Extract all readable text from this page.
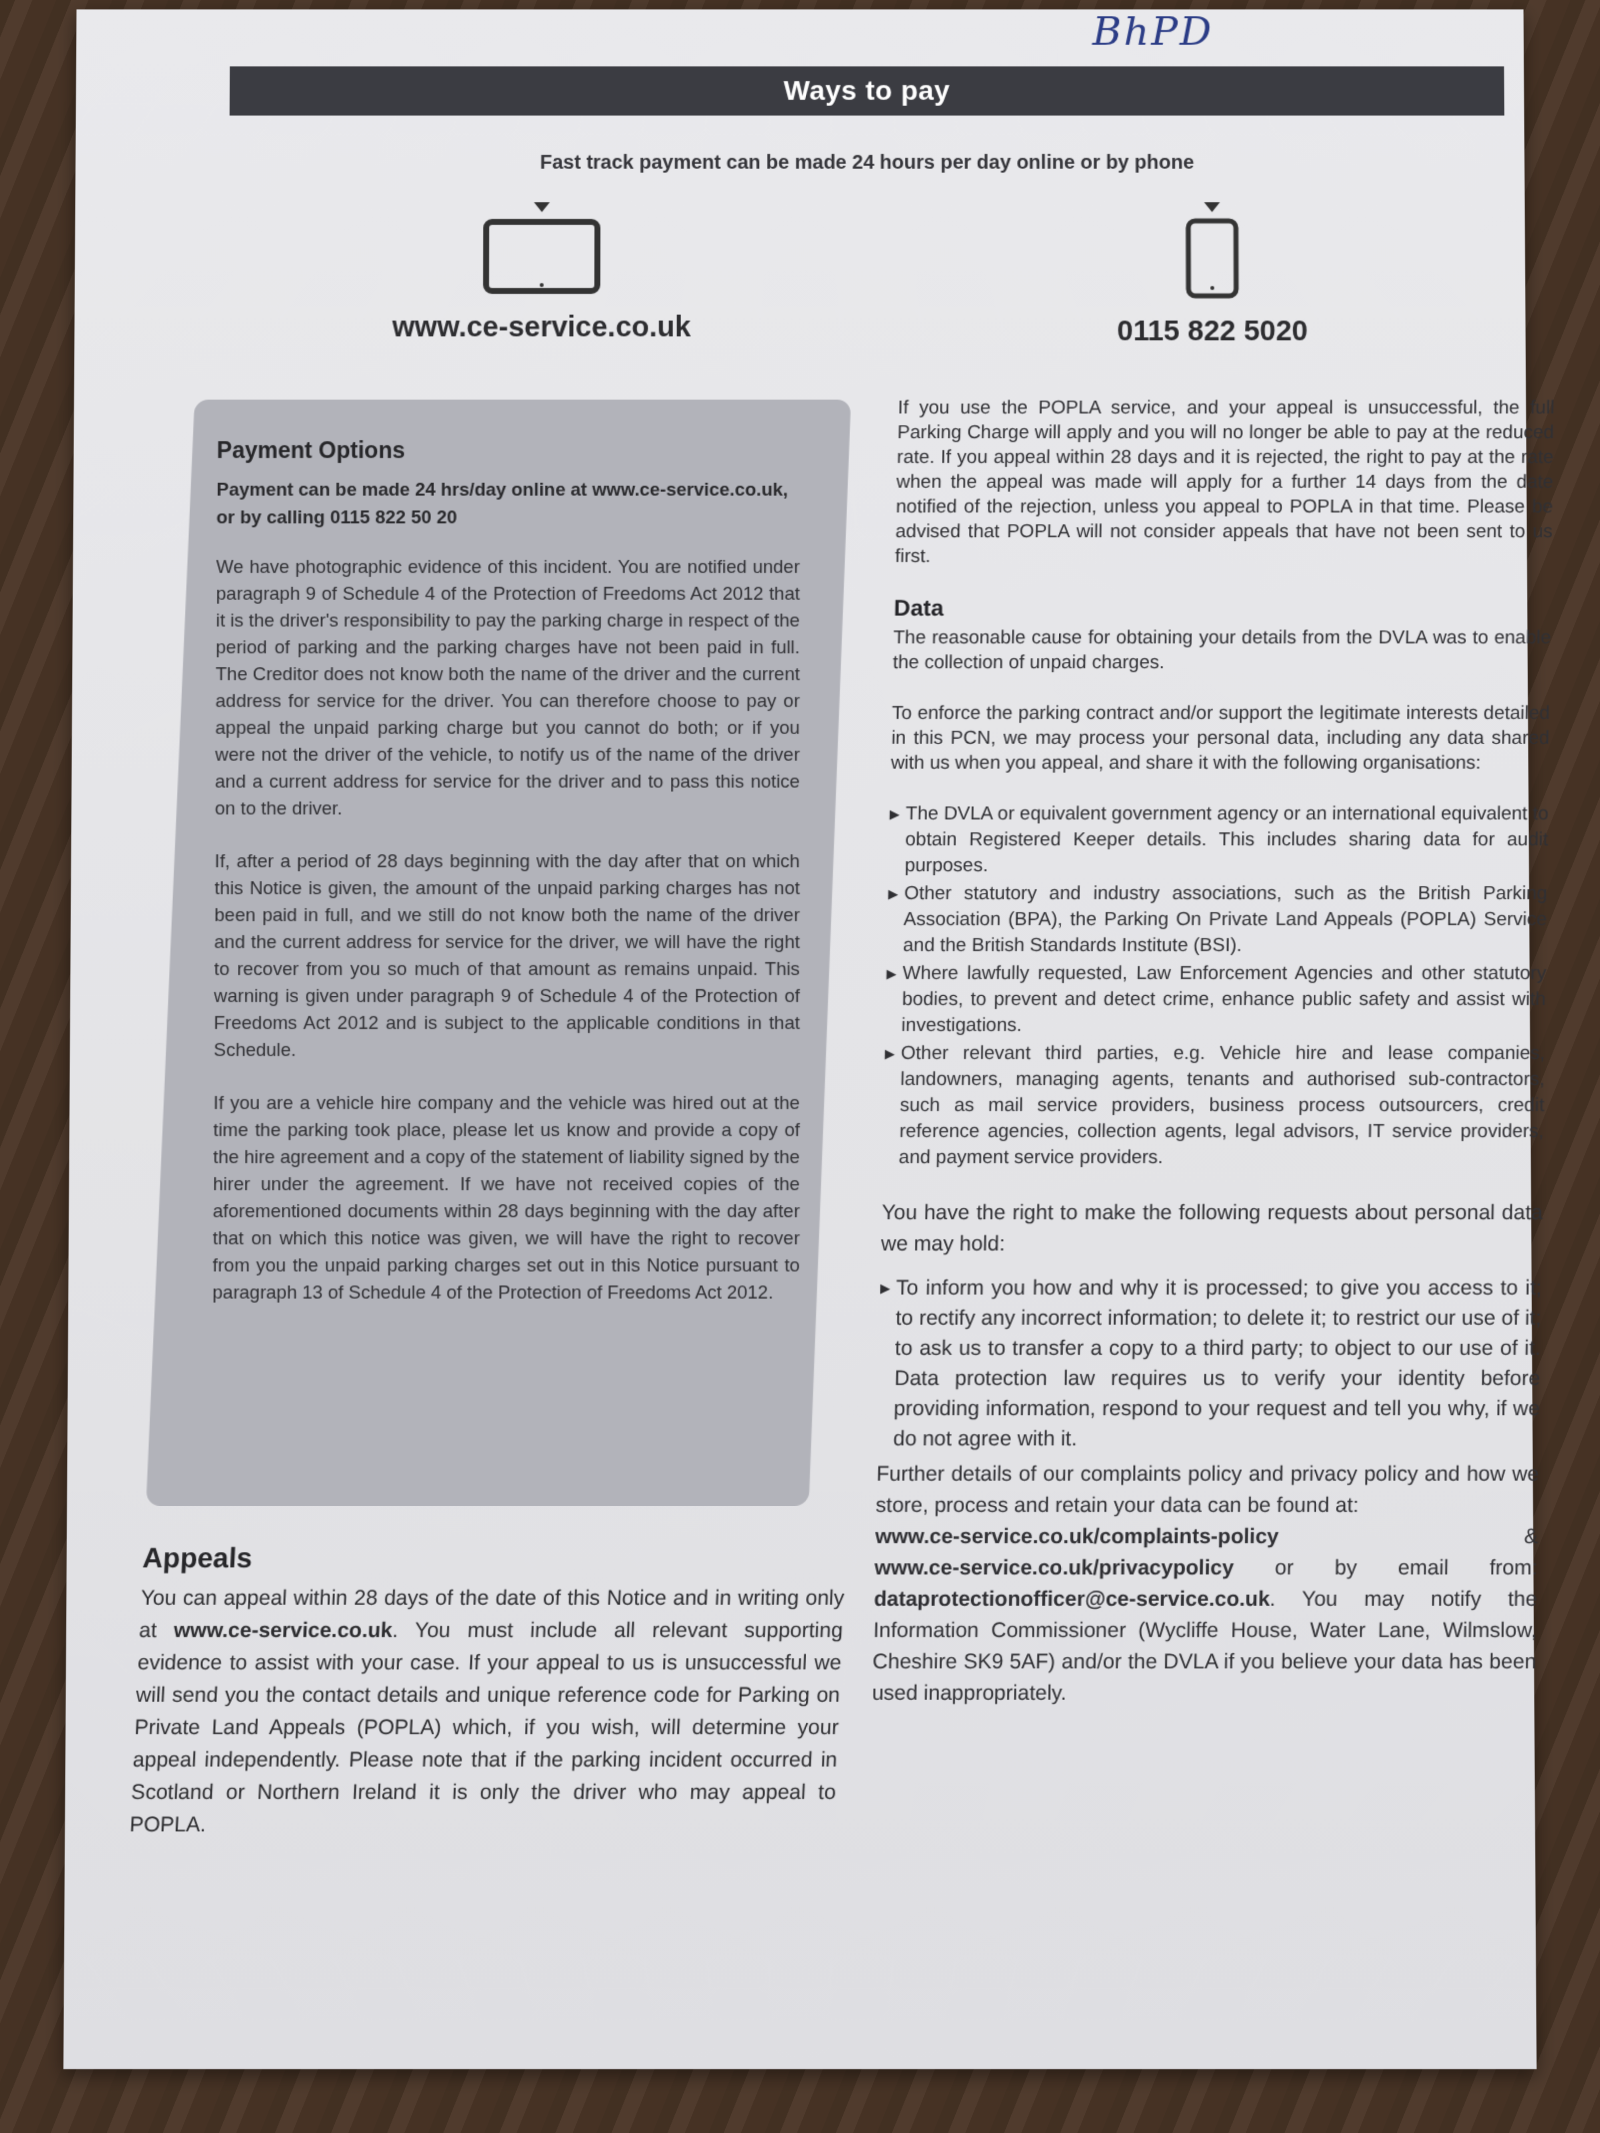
BhPD
Ways to pay
Fast track payment can be made 24 hours per day online or by phone
www.ce-service.co.uk	0115 822 5020
Payment Options
Payment can be made 24 hrs/day online at www.ce-service.co.uk, or by calling 0115 822 50 20

We have photographic evidence of this incident. You are notified under paragraph 9 of Schedule 4 of the Protection of Freedoms Act 2012 that it is the driver's responsibility to pay the parking charge in respect of the period of parking and the parking charges have not been paid in full. The Creditor does not know both the name of the driver and the current address for service for the driver. You can therefore choose to pay or appeal the unpaid parking charge but you cannot do both; or if you were not the driver of the vehicle, to notify us of the name of the driver and a current address for service for the driver and to pass this notice on to the driver.

If, after a period of 28 days beginning with the day after that on which this Notice is given, the amount of the unpaid parking charges has not been paid in full, and we still do not know both the name of the driver and the current address for service for the driver, we will have the right to recover from you so much of that amount as remains unpaid. This warning is given under paragraph 9 of Schedule 4 of the Protection of Freedoms Act 2012 and is subject to the applicable conditions in that Schedule.

If you are a vehicle hire company and the vehicle was hired out at the time the parking took place, please let us know and provide a copy of the hire agreement and a copy of the statement of liability signed by the hirer under the agreement. If we have not received copies of the aforementioned documents within 28 days beginning with the day after that on which this notice was given, we will have the right to recover from you the unpaid parking charges set out in this Notice pursuant to paragraph 13 of Schedule 4 of the Protection of Freedoms Act 2012.

Appeals

You can appeal within 28 days of the date of this Notice and in writing only at www.ce-service.co.uk. You must include all relevant supporting evidence to assist with your case. If your appeal to us is unsuccessful we will send you the contact details and unique reference code for Parking on Private Land Appeals (POPLA) which, if you wish, will determine your appeal independently. Please note that if the parking incident occurred in Scotland or Northern Ireland it is only the driver who may appeal to POPLA.

If you use the POPLA service, and your appeal is unsuccessful, the full Parking Charge will apply and you will no longer be able to pay at the reduced rate. If you appeal within 28 days and it is rejected, the right to pay at the rate when the appeal was made will apply for a further 14 days from the date notified of the rejection, unless you appeal to POPLA in that time. Please be advised that POPLA will not consider appeals that have not been sent to us first.

Data

The reasonable cause for obtaining your details from the DVLA was to enable the collection of unpaid charges.

To enforce the parking contract and/or support the legitimate interests detailed in this PCN, we may process your personal data, including any data shared with us when you appeal, and share it with the following organisations:

▶ The DVLA or equivalent government agency or an international equivalent to obtain Registered Keeper details. This includes sharing data for audit purposes.
▶ Other statutory and industry associations, such as the British Parking Association (BPA), the Parking On Private Land Appeals (POPLA) Service and the British Standards Institute (BSI).
▶ Where lawfully requested, Law Enforcement Agencies and other statutory bodies, to prevent and detect crime, enhance public safety and assist with investigations.
▶ Other relevant third parties, e.g. Vehicle hire and lease companies, landowners, managing agents, tenants and authorised sub-contractors, such as mail service providers, business process outsourcers, credit reference agencies, collection agents, legal advisors, IT service providers, and payment service providers.

You have the right to make the following requests about personal data we may hold:

▶ To inform you how and why it is processed; to give you access to it; to rectify any incorrect information; to delete it; to restrict our use of it; to ask us to transfer a copy to a third party; to object to our use of it. Data protection law requires us to verify your identity before providing information, respond to your request and tell you why, if we do not agree with it.

Further details of our complaints policy and privacy policy and how we store, process and retain your data can be found at:
www.ce-service.co.uk/complaints-policy	&

www.ce-service.co.uk/privacypolicy or by email from: dataprotectionofficer@ce-service.co.uk. You may notify the Information Commissioner (Wycliffe House, Water Lane, Wilmslow, Cheshire SK9 5AF) and/or the DVLA if you believe your data has been used inappropriately.
